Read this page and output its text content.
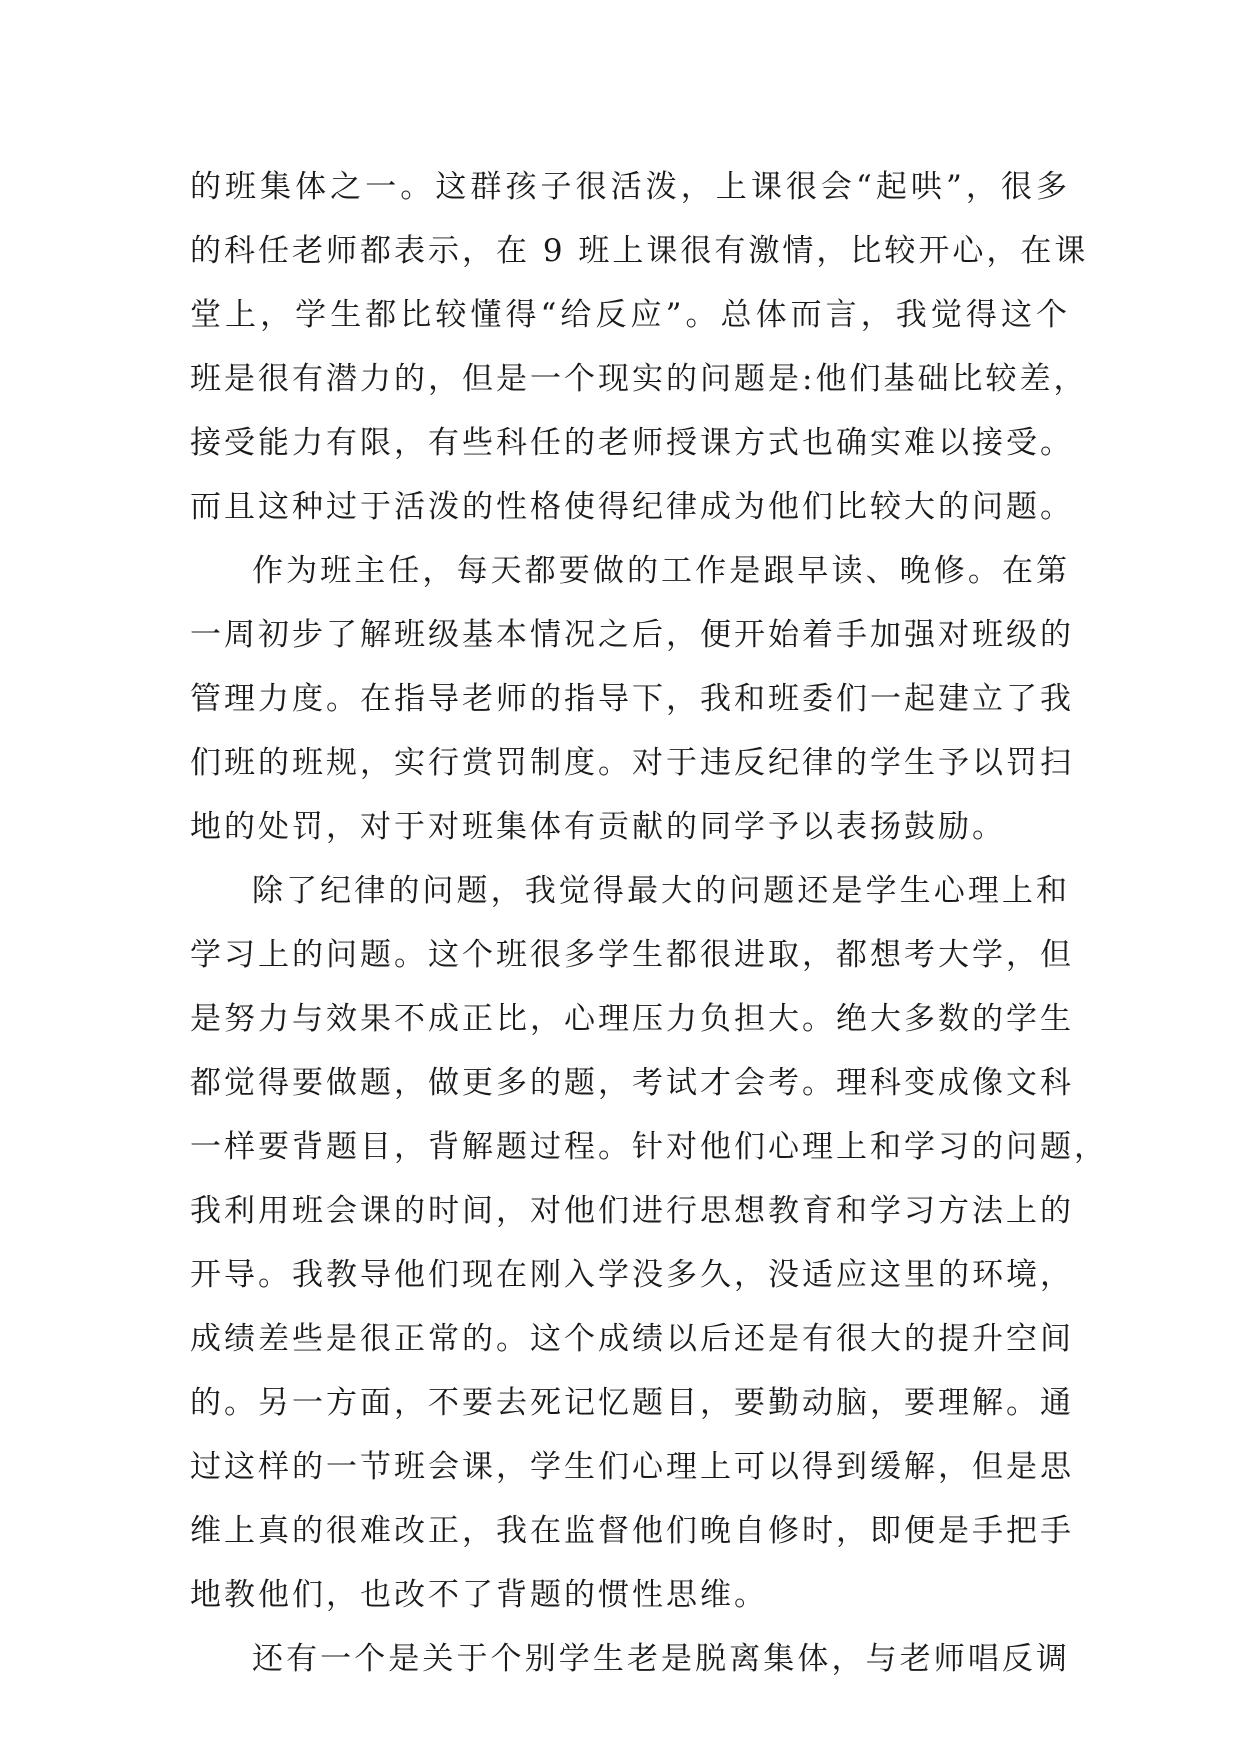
的班集体之一。这群孩子很活泼，上课很会“起哄”，很多
的科任老师都表示，在 9 班上课很有激情，比较开心，在课
堂上，学生都比较懂得“给反应”。总体而言，我觉得这个
班是很有潜力的，但是一个现实的问题是:他们基础比较差，
接受能力有限，有些科任的老师授课方式也确实难以接受。
而且这种过于活泼的性格使得纪律成为他们比较大的问题。
作为班主任，每天都要做的工作是跟早读、晚修。在第
一周初步了解班级基本情况之后，便开始着手加强对班级的
管理力度。在指导老师的指导下，我和班委们一起建立了我
们班的班规，实行赏罚制度。对于违反纪律的学生予以罚扫
地的处罚，对于对班集体有贡献的同学予以表扬鼓励。
除了纪律的问题，我觉得最大的问题还是学生心理上和
学习上的问题。这个班很多学生都很进取，都想考大学，但
是努力与效果不成正比，心理压力负担大。绝大多数的学生
都觉得要做题，做更多的题，考试才会考。理科变成像文科
一样要背题目，背解题过程。针对他们心理上和学习的问题，
我利用班会课的时间，对他们进行思想教育和学习方法上的
开导。我教导他们现在刚入学没多久，没适应这里的环境，
成绩差些是很正常的。这个成绩以后还是有很大的提升空间
的。另一方面，不要去死记忆题目，要勤动脑，要理解。通
过这样的一节班会课，学生们心理上可以得到缓解，但是思
维上真的很难改正，我在监督他们晚自修时，即便是手把手
地教他们，也改不了背题的惯性思维。
还有一个是关于个别学生老是脱离集体，与老师唱反调
